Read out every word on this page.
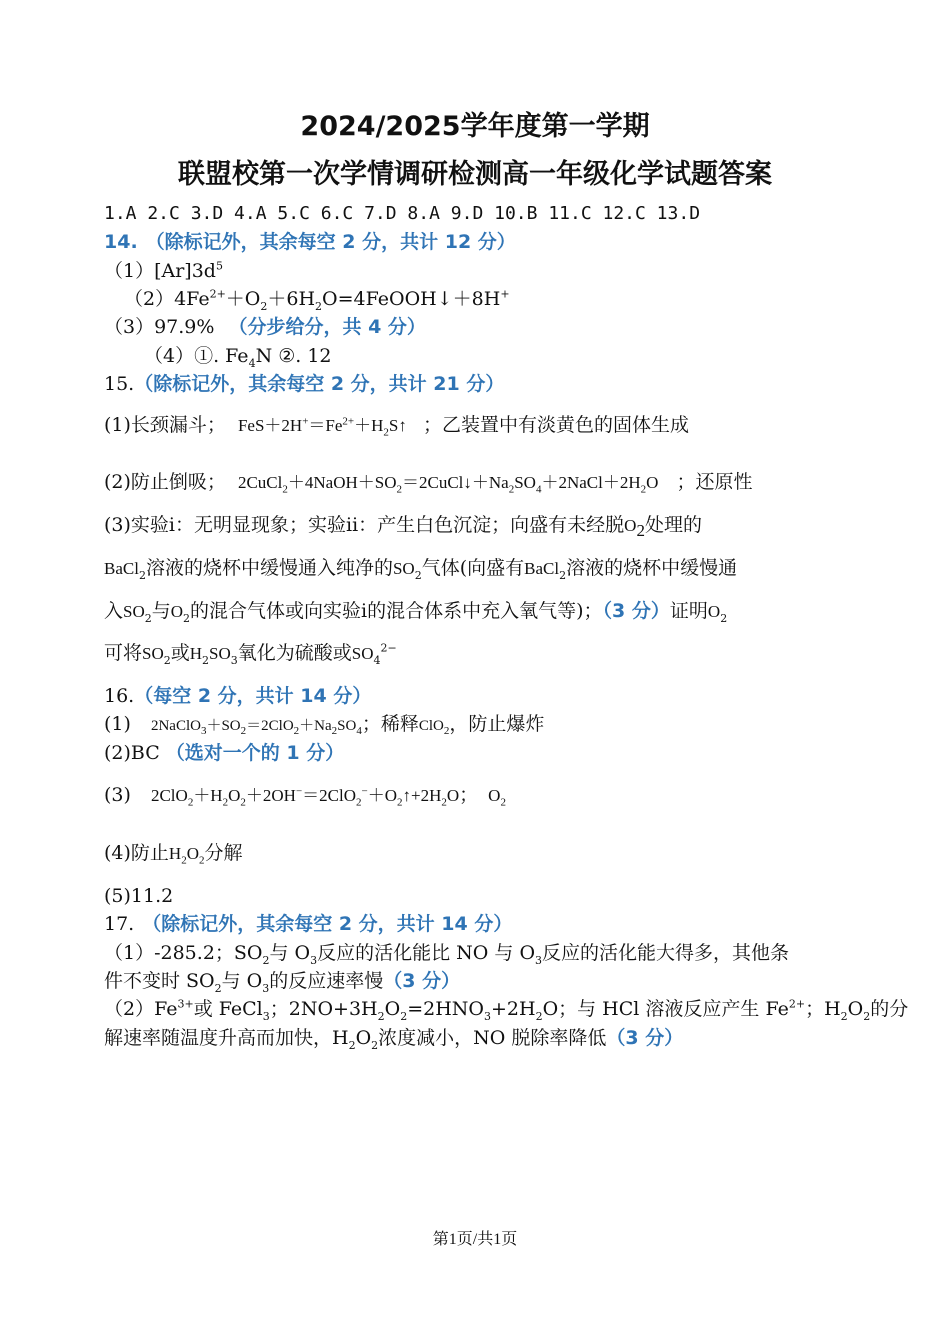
2024/2025学年度第一学期
联盟校第一次学情调研检测高一年级化学试题答案
1.A 2.C 3.D 4.A 5.C 6.C 7.D 8.A 9.D 10.B 11.C 12.C 13.D
14. （除标记外，其余每空 2 分，共计 12 分）
$(1)[Ar]3d^5$
$(2)4Fe^{2+}+O_2+6H_2O=4FeOOH↓+8H^+$
（3）97.9% （分步给分，共 4 分）
（4）①. $Fe_4N$ ②. 12
15.（除标记外，其余每空 2 分，共计 21 分）
(1)长颈漏斗； $FeS+2H^+=Fe^{2+}+H_2S↑$ ；乙装置中有淡黄色的固体生成
(2)防止倒吸； $2CuCl_2+4NaOH+SO_2=2CuCl↓+Na_2SO_4+2NaCl+2H_2O$ ；还原性
(3)实验ⅰ：无明显现象；实验ⅱ：产生白色沉淀；向盛有未经脱$O_2$处理的
BaCl$_2$溶液的烧杯中缓慢通入纯净的$SO_2$气体(向盛有BaCl$_2$溶液的烧杯中缓慢通
入$SO_2$与$O_2$的混合气体或向实验ⅰ的混合体系中充入氧气等)；（3 分）证明$O_2$
可将$SO_2$或$H_2SO_3$氧化为硫酸或$SO_4^{2-}$
16.（每空 2 分，共计 14 分）
(1) $2NaClO_3+SO_2=2ClO_2+Na_2SO_4$；稀释ClO$_2$，防止爆炸
(2)BC （选对一个的 1 分）
(3) $2ClO_2+H_2O_2+2OH^-=2ClO_2^-+O_2↑+2H_2O$； $O_2$
(4)防止$H_2O_2$分解
(5)11.2
17. （除标记外，其余每空 2 分，共计 14 分）
（1）-285.2；$SO_2$与 $O_3$反应的活化能比 NO 与 $O_3$反应的活化能大得多，其他条
件不变时 $SO_2$与 $O_3$的反应速率慢（3 分）
$(2)Fe^{3+}$或 FeCl$_3$；$2NO+3H_2O_2=2HNO_3+2H_2O$；与 HCl 溶液反应产生 $Fe^{2+}$；$H_2O_2$的分
解速率随温度升高而加快，$H_2O_2$浓度减小，NO 脱除率降低（3 分）
第1页/共1页
